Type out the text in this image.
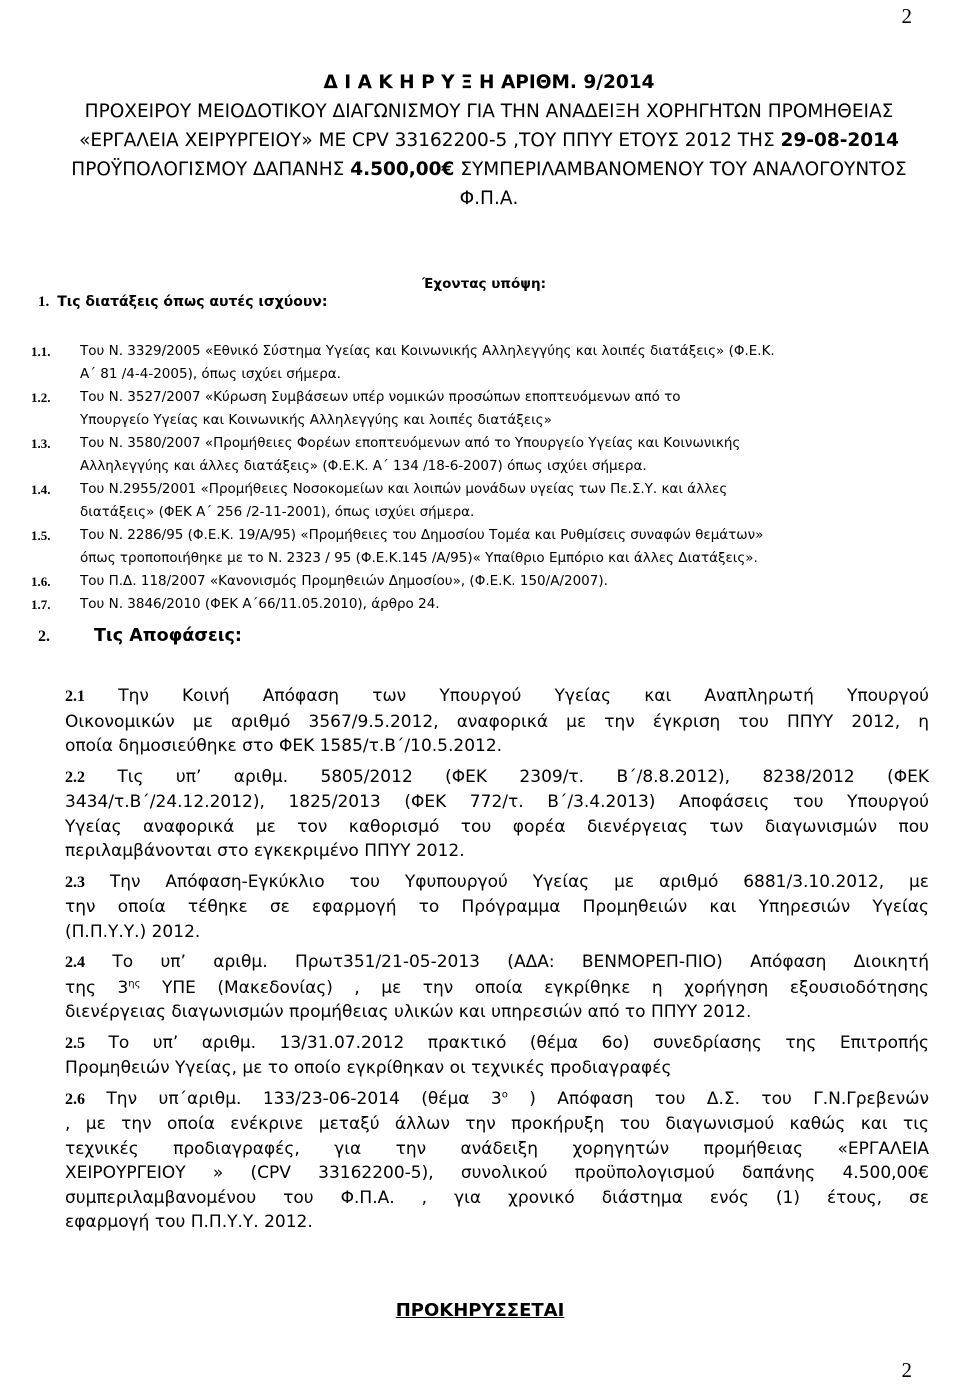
2
Δ Ι Α Κ Η Ρ Υ Ξ Η ΑΡΙΘΜ. 9/2014
ΠΡΟΧΕΙΡΟΥ ΜΕΙΟΔΟΤΙΚΟΥ ΔΙΑΓΩΝΙΣΜΟΥ ΓΙΑ ΤΗΝ ΑΝΑΔΕΙΞΗ ΧΟΡΗΓΗΤΩΝ ΠΡΟΜΗΘΕΙΑΣ
«ΕΡΓΑΛΕΙΑ ΧΕΙΡΥΡΓΕΙΟΥ» ΜΕ CPV 33162200-5 ,ΤΟΥ ΠΠΥΥ ΕΤΟΥΣ 2012 ΤΗΣ 29-08-2014
ΠΡΟΫΠΟΛΟΓΙΣΜΟΥ ΔΑΠΑΝΗΣ 4.500,00€ ΣΥΜΠΕΡΙΛΑΜΒΑΝΟΜΕΝΟΥ ΤΟΥ ΑΝΑΛΟΓΟΥΝΤΟΣ
Φ.Π.Α.
Έχοντας υπόψη:
1. Τις διατάξεις όπως αυτές ισχύουν:
1.1. Του Ν. 3329/2005 «Εθνικό Σύστημα Υγείας και Κοινωνικής Αλληλεγγύης και λοιπές διατάξεις» (Φ.Ε.Κ.
Α΄ 81 /4-4-2005), όπως ισχύει σήμερα.
1.2. Του Ν. 3527/2007 «Κύρωση Συμβάσεων υπέρ νομικών προσώπων εποπτευόμενων από το
Υπουργείο Υγείας και Κοινωνικής Αλληλεγγύης και λοιπές διατάξεις»
1.3. Του Ν. 3580/2007 «Προμήθειες Φορέων εποπτευόμενων από το Υπουργείο Υγείας και Κοινωνικής
Αλληλεγγύης και άλλες διατάξεις» (Φ.Ε.Κ. Α΄ 134 /18-6-2007) όπως ισχύει σήμερα.
1.4. Του Ν.2955/2001 «Προμήθειες Νοσοκομείων και λοιπών μονάδων υγείας των Πε.Σ.Υ. και άλλες
διατάξεις» (ΦΕΚ Α΄ 256 /2-11-2001), όπως ισχύει σήμερα.
1.5. Του Ν. 2286/95 (Φ.Ε.Κ. 19/Α/95) «Προμήθειες του Δημοσίου Τομέα και Ρυθμίσεις συναφών θεμάτων»
όπως τροποποιήθηκε με το Ν. 2323 / 95 (Φ.Ε.Κ.145 /Α/95)« Υπαίθριο Εμπόριο και άλλες Διατάξεις».
1.6. Του Π.Δ. 118/2007 «Κανονισμός Προμηθειών Δημοσίου», (Φ.Ε.Κ. 150/Α/2007).
1.7. Του Ν. 3846/2010 (ΦΕΚ Α΄66/11.05.2010), άρθρο 24.
2.	Τις Αποφάσεις:
2.1 Την Κοινή Απόφαση των Υπουργού Υγείας και Αναπληρωτή Υπουργού
Οικονομικών με αριθμό 3567/9.5.2012, αναφορικά με την έγκριση του ΠΠΥΥ 2012, η
οποία δημοσιεύθηκε στο ΦΕΚ 1585/τ.Β΄/10.5.2012.
2.2 Τις υπ’ αριθμ. 5805/2012 (ΦΕΚ 2309/τ. Β΄/8.8.2012), 8238/2012 (ΦΕΚ
3434/τ.Β΄/24.12.2012), 1825/2013 (ΦΕΚ 772/τ. Β΄/3.4.2013) Αποφάσεις του Υπουργού
Υγείας αναφορικά με τον καθορισμό του φορέα διενέργειας των διαγωνισμών που
περιλαμβάνονται στο εγκεκριμένο ΠΠΥΥ 2012.
2.3 Την Απόφαση-Εγκύκλιο του Υφυπουργού Υγείας με αριθμό 6881/3.10.2012, με
την οποία τέθηκε σε εφαρμογή το Πρόγραμμα Προμηθειών και Υπηρεσιών Υγείας
(Π.Π.Υ.Υ.) 2012.
2.4 Το υπ’ αριθμ. Πρωτ351/21-05-2013 (ΑΔΑ: ΒΕΝΜΟΡΕΠ-ΠΙΟ) Απόφαση Διοικητή
της $3^{\eta\varsigma}$ ΥΠΕ (Μακεδονίας) , με την οποία εγκρίθηκε η χορήγηση εξουσιοδότησης
διενέργειας διαγωνισμών προμήθειας υλικών και υπηρεσιών από το ΠΠΥΥ 2012.
2.5 Το υπ’ αριθμ. 13/31.07.2012 πρακτικό (θέμα 6ο) συνεδρίασης της Επιτροπής
Προμηθειών Υγείας, με το οποίο εγκρίθηκαν οι τεχνικές προδιαγραφές
2.6 Την υπ΄αριθμ. 133/23-06-2014 (θέμα $3^o$ ) Απόφαση του Δ.Σ. του Γ.Ν.Γρεβενών
, με την οποία ενέκρινε μεταξύ άλλων την προκήρυξη του διαγωνισμού καθώς και τις
τεχνικές προδιαγραφές, για την ανάδειξη χορηγητών προμήθειας «ΕΡΓΑΛΕΙΑ
ΧΕΙΡΟΥΡΓΕΙΟΥ » (CPV 33162200-5), συνολικού προϋπολογισμού δαπάνης 4.500,00€
συμπεριλαμβανομένου του Φ.Π.Α. , για χρονικό διάστημα ενός (1) έτους, σε
εφαρμογή του Π.Π.Υ.Υ. 2012.
ΠΡΟΚΗΡΥΣΣΕΤΑΙ
2
